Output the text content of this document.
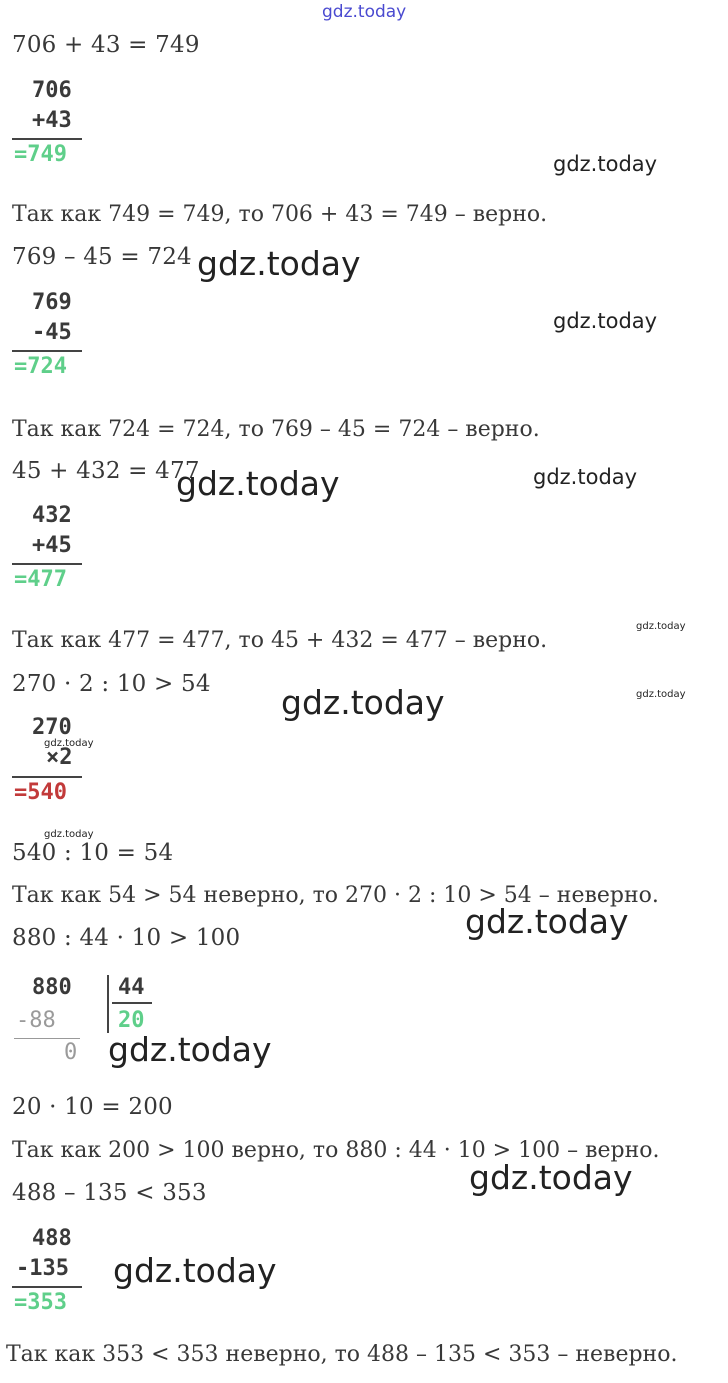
gdz.today
706 + 43 = 749
706
+43
=749	gdz.today
Так как 749 = 749, то 706 + 43 = 749 – верно.
769 – 45 = 724 gdz.today
769
-45
=724
gdz.today
Так как 724 = 724, то 769 – 45 = 724 – верно.
45 + 432 = 477
gdz.today	gdz.today
432
+45
=477
gdz.today
Так как 477 = 477, то 45 + 432 = 477 – верно.
270 · 2 : 10 > 54	gdz.today
gdz.today
270
gdz.today
×2
=540
gdz.today
540 : 10 = 54
Так как 54 > 54 неверно, то 270 · 2 : 10 > 54 – неверно.
gdz.today
880 : 44 · 10 > 100
880 44
-88	20
0 gdz.today
20 · 10 = 200
Так как 200 > 100 верно, то 880 : 44 · 10 > 100 – верно.
gdz.today
488 – 135 < 353
488
-135
=353
gdz.today
Так как 353 < 353 неверно, то 488 – 135 < 353 – неверно.
